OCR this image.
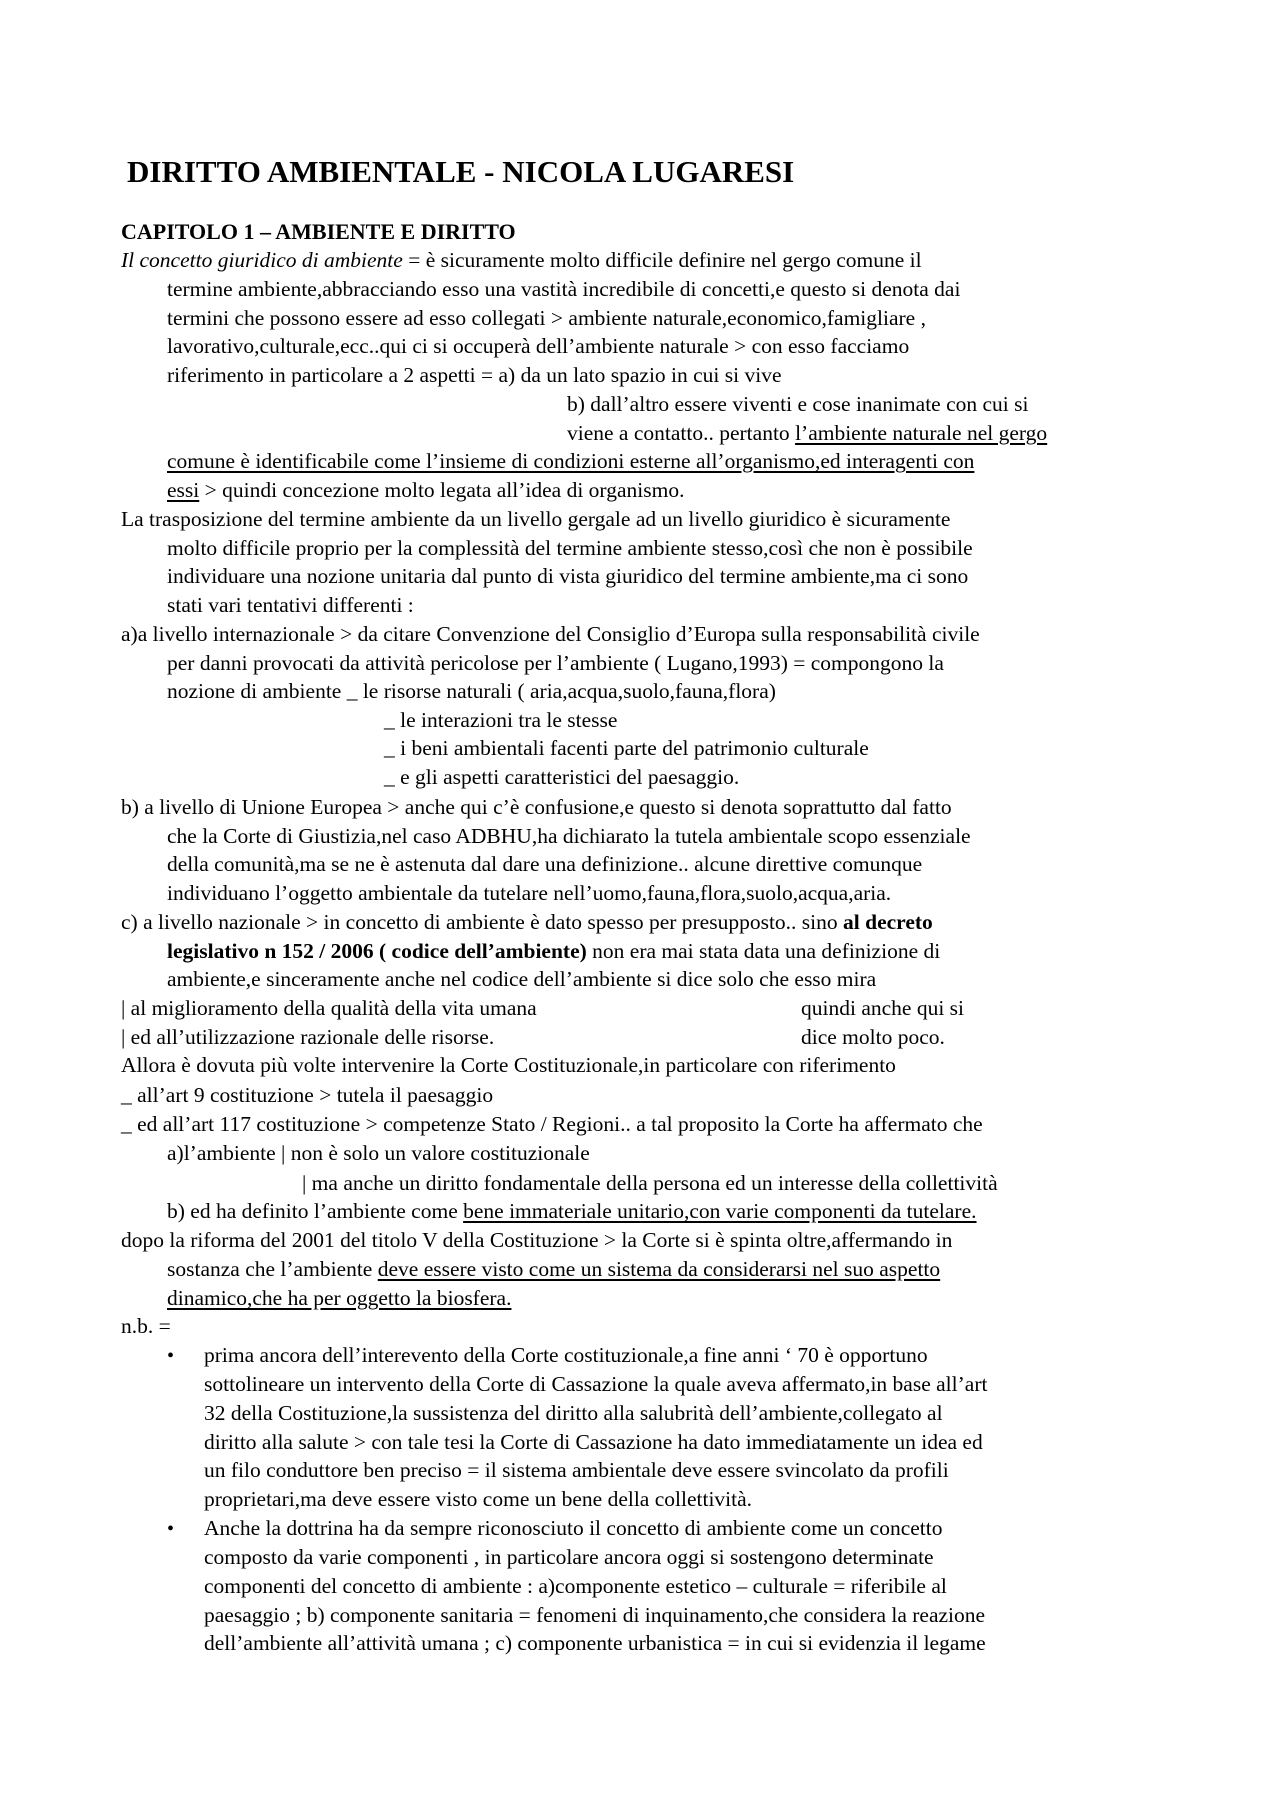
DIRITTO AMBIENTALE - NICOLA LUGARESI
CAPITOLO 1 – AMBIENTE E DIRITTO
Il concetto giuridico di ambiente = è sicuramente molto difficile definire nel gergo comune il
termine ambiente,abbracciando esso una vastità incredibile di concetti,e questo si denota dai
termini che possono essere ad esso collegati > ambiente naturale,economico,famigliare ,
lavorativo,culturale,ecc..qui ci si occuperà dell’ambiente naturale > con esso facciamo
riferimento in particolare a 2 aspetti = a) da un lato spazio in cui si vive
b) dall’altro essere viventi e cose inanimate con cui si
viene a contatto.. pertanto l’ambiente naturale nel gergo
comune è identificabile come l’insieme di condizioni esterne all’organismo,ed interagenti con
essi > quindi concezione molto legata all’idea di organismo.
La trasposizione del termine ambiente da un livello gergale ad un livello giuridico è sicuramente
molto difficile proprio per la complessità del termine ambiente stesso,così che non è possibile
individuare una nozione unitaria dal punto di vista giuridico del termine ambiente,ma ci sono
stati vari tentativi differenti :
a)a livello internazionale > da citare Convenzione del Consiglio d’Europa sulla responsabilità civile
per danni provocati da attività pericolose per l’ambiente ( Lugano,1993) = compongono la
nozione di ambiente _ le risorse naturali ( aria,acqua,suolo,fauna,flora)
_ le interazioni tra le stesse
_ i beni ambientali facenti parte del patrimonio culturale
_ e gli aspetti caratteristici del paesaggio.
b) a livello di Unione Europea > anche qui c’è confusione,e questo si denota soprattutto dal fatto
che la Corte di Giustizia,nel caso ADBHU,ha dichiarato la tutela ambientale scopo essenziale
della comunità,ma se ne è astenuta dal dare una definizione.. alcune direttive comunque
individuano l’oggetto ambientale da tutelare nell’uomo,fauna,flora,suolo,acqua,aria.
c) a livello nazionale > in concetto di ambiente è dato spesso per presupposto.. sino al decreto
legislativo n 152 / 2006 ( codice dell’ambiente) non era mai stata data una definizione di
ambiente,e sinceramente anche nel codice dell’ambiente si dice solo che esso mira
| al miglioramento della qualità della vita umana	quindi anche qui si
| ed all’utilizzazione razionale delle risorse.	dice molto poco.
Allora è dovuta più volte intervenire la Corte Costituzionale,in particolare con riferimento
_ all’art 9 costituzione > tutela il paesaggio
_ ed all’art 117 costituzione > competenze Stato / Regioni.. a tal proposito la Corte ha affermato che
a)l’ambiente | non è solo un valore costituzionale
| ma anche un diritto fondamentale della persona ed un interesse della collettività
b) ed ha definito l’ambiente come bene immateriale unitario,con varie componenti da tutelare.
dopo la riforma del 2001 del titolo V della Costituzione > la Corte si è spinta oltre,affermando in
sostanza che l’ambiente deve essere visto come un sistema da considerarsi nel suo aspetto
dinamico,che ha per oggetto la biosfera.
n.b. =
• prima ancora dell’interevento della Corte costituzionale,a fine anni ‘ 70 è opportuno
sottolineare un intervento della Corte di Cassazione la quale aveva affermato,in base all’art
32 della Costituzione,la sussistenza del diritto alla salubrità dell’ambiente,collegato al
diritto alla salute > con tale tesi la Corte di Cassazione ha dato immediatamente un idea ed
un filo conduttore ben preciso = il sistema ambientale deve essere svincolato da profili
proprietari,ma deve essere visto come un bene della collettività.
• Anche la dottrina ha da sempre riconosciuto il concetto di ambiente come un concetto
composto da varie componenti , in particolare ancora oggi si sostengono determinate
componenti del concetto di ambiente : a)componente estetico – culturale = riferibile al
paesaggio ; b) componente sanitaria = fenomeni di inquinamento,che considera la reazione
dell’ambiente all’attività umana ; c) componente urbanistica = in cui si evidenzia il legame
